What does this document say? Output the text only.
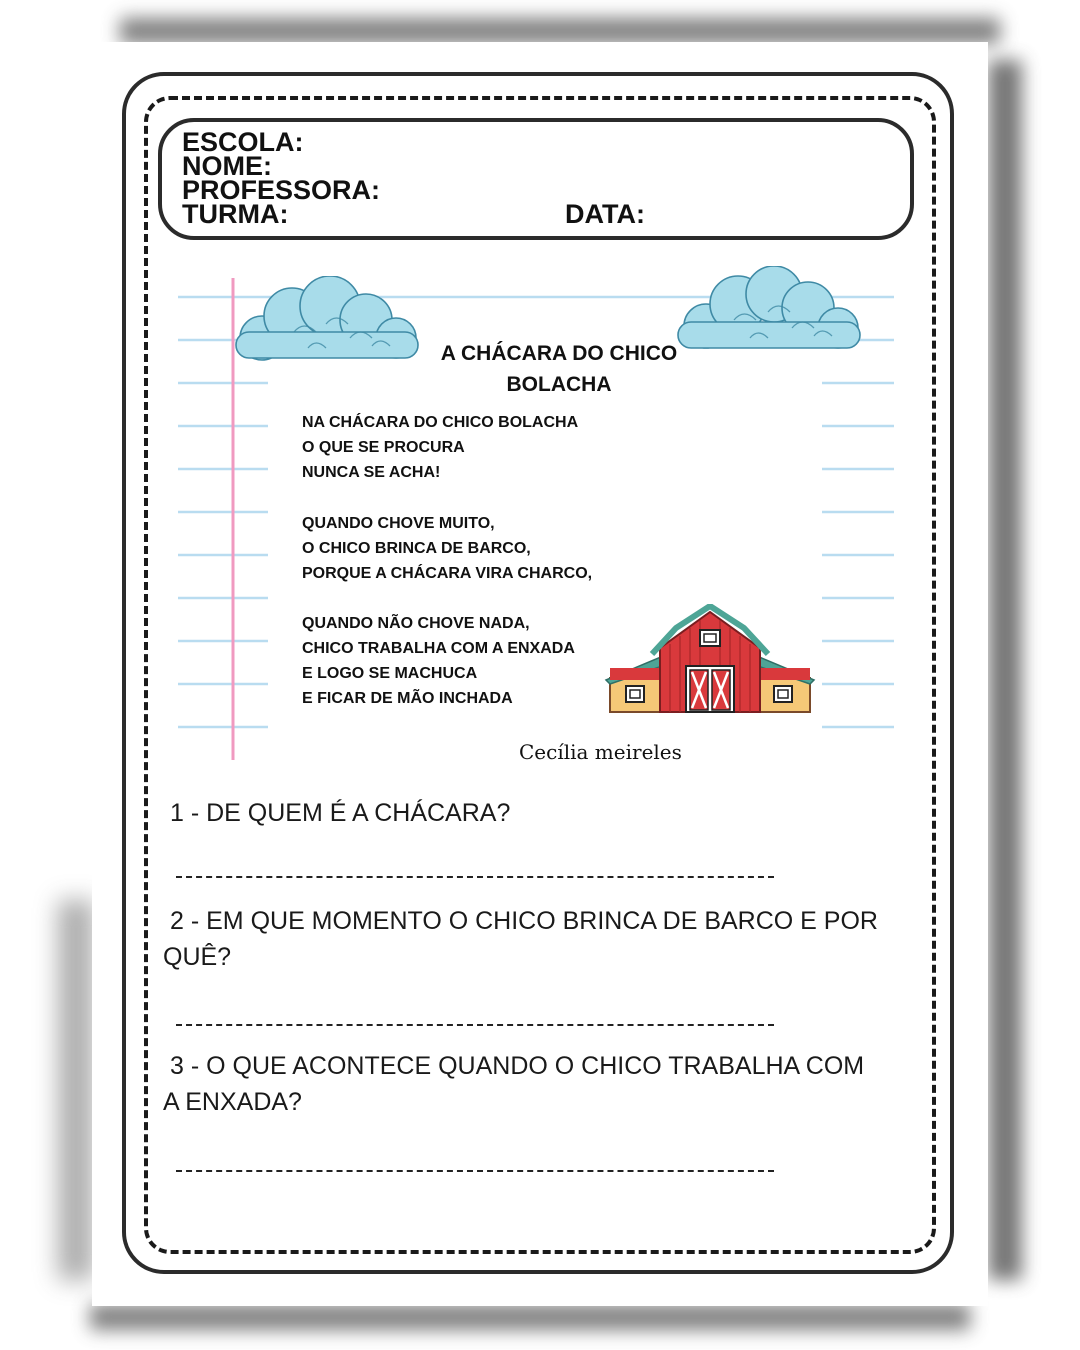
ESCOLA:
NOME:
PROFESSORA:
TURMA:	DATA:
A CHÁCARA DO CHICO
BOLACHA
NA CHÁCARA DO CHICO BOLACHA
O QUE SE PROCURA
NUNCA SE ACHA!
QUANDO CHOVE MUITO,
O CHICO BRINCA DE BARCO,
PORQUE A CHÁCARA VIRA CHARCO,
QUANDO NÃO CHOVE NADA,
CHICO TRABALHA COM A ENXADA
E LOGO SE MACHUCA
E FICAR DE MÃO INCHADA
Cecília meireles
1 - DE QUEM É A CHÁCARA?
2 - EM QUE MOMENTO O CHICO BRINCA DE BARCO E POR
QUÊ?
3 - O QUE ACONTECE QUANDO O CHICO TRABALHA COM
A ENXADA?
